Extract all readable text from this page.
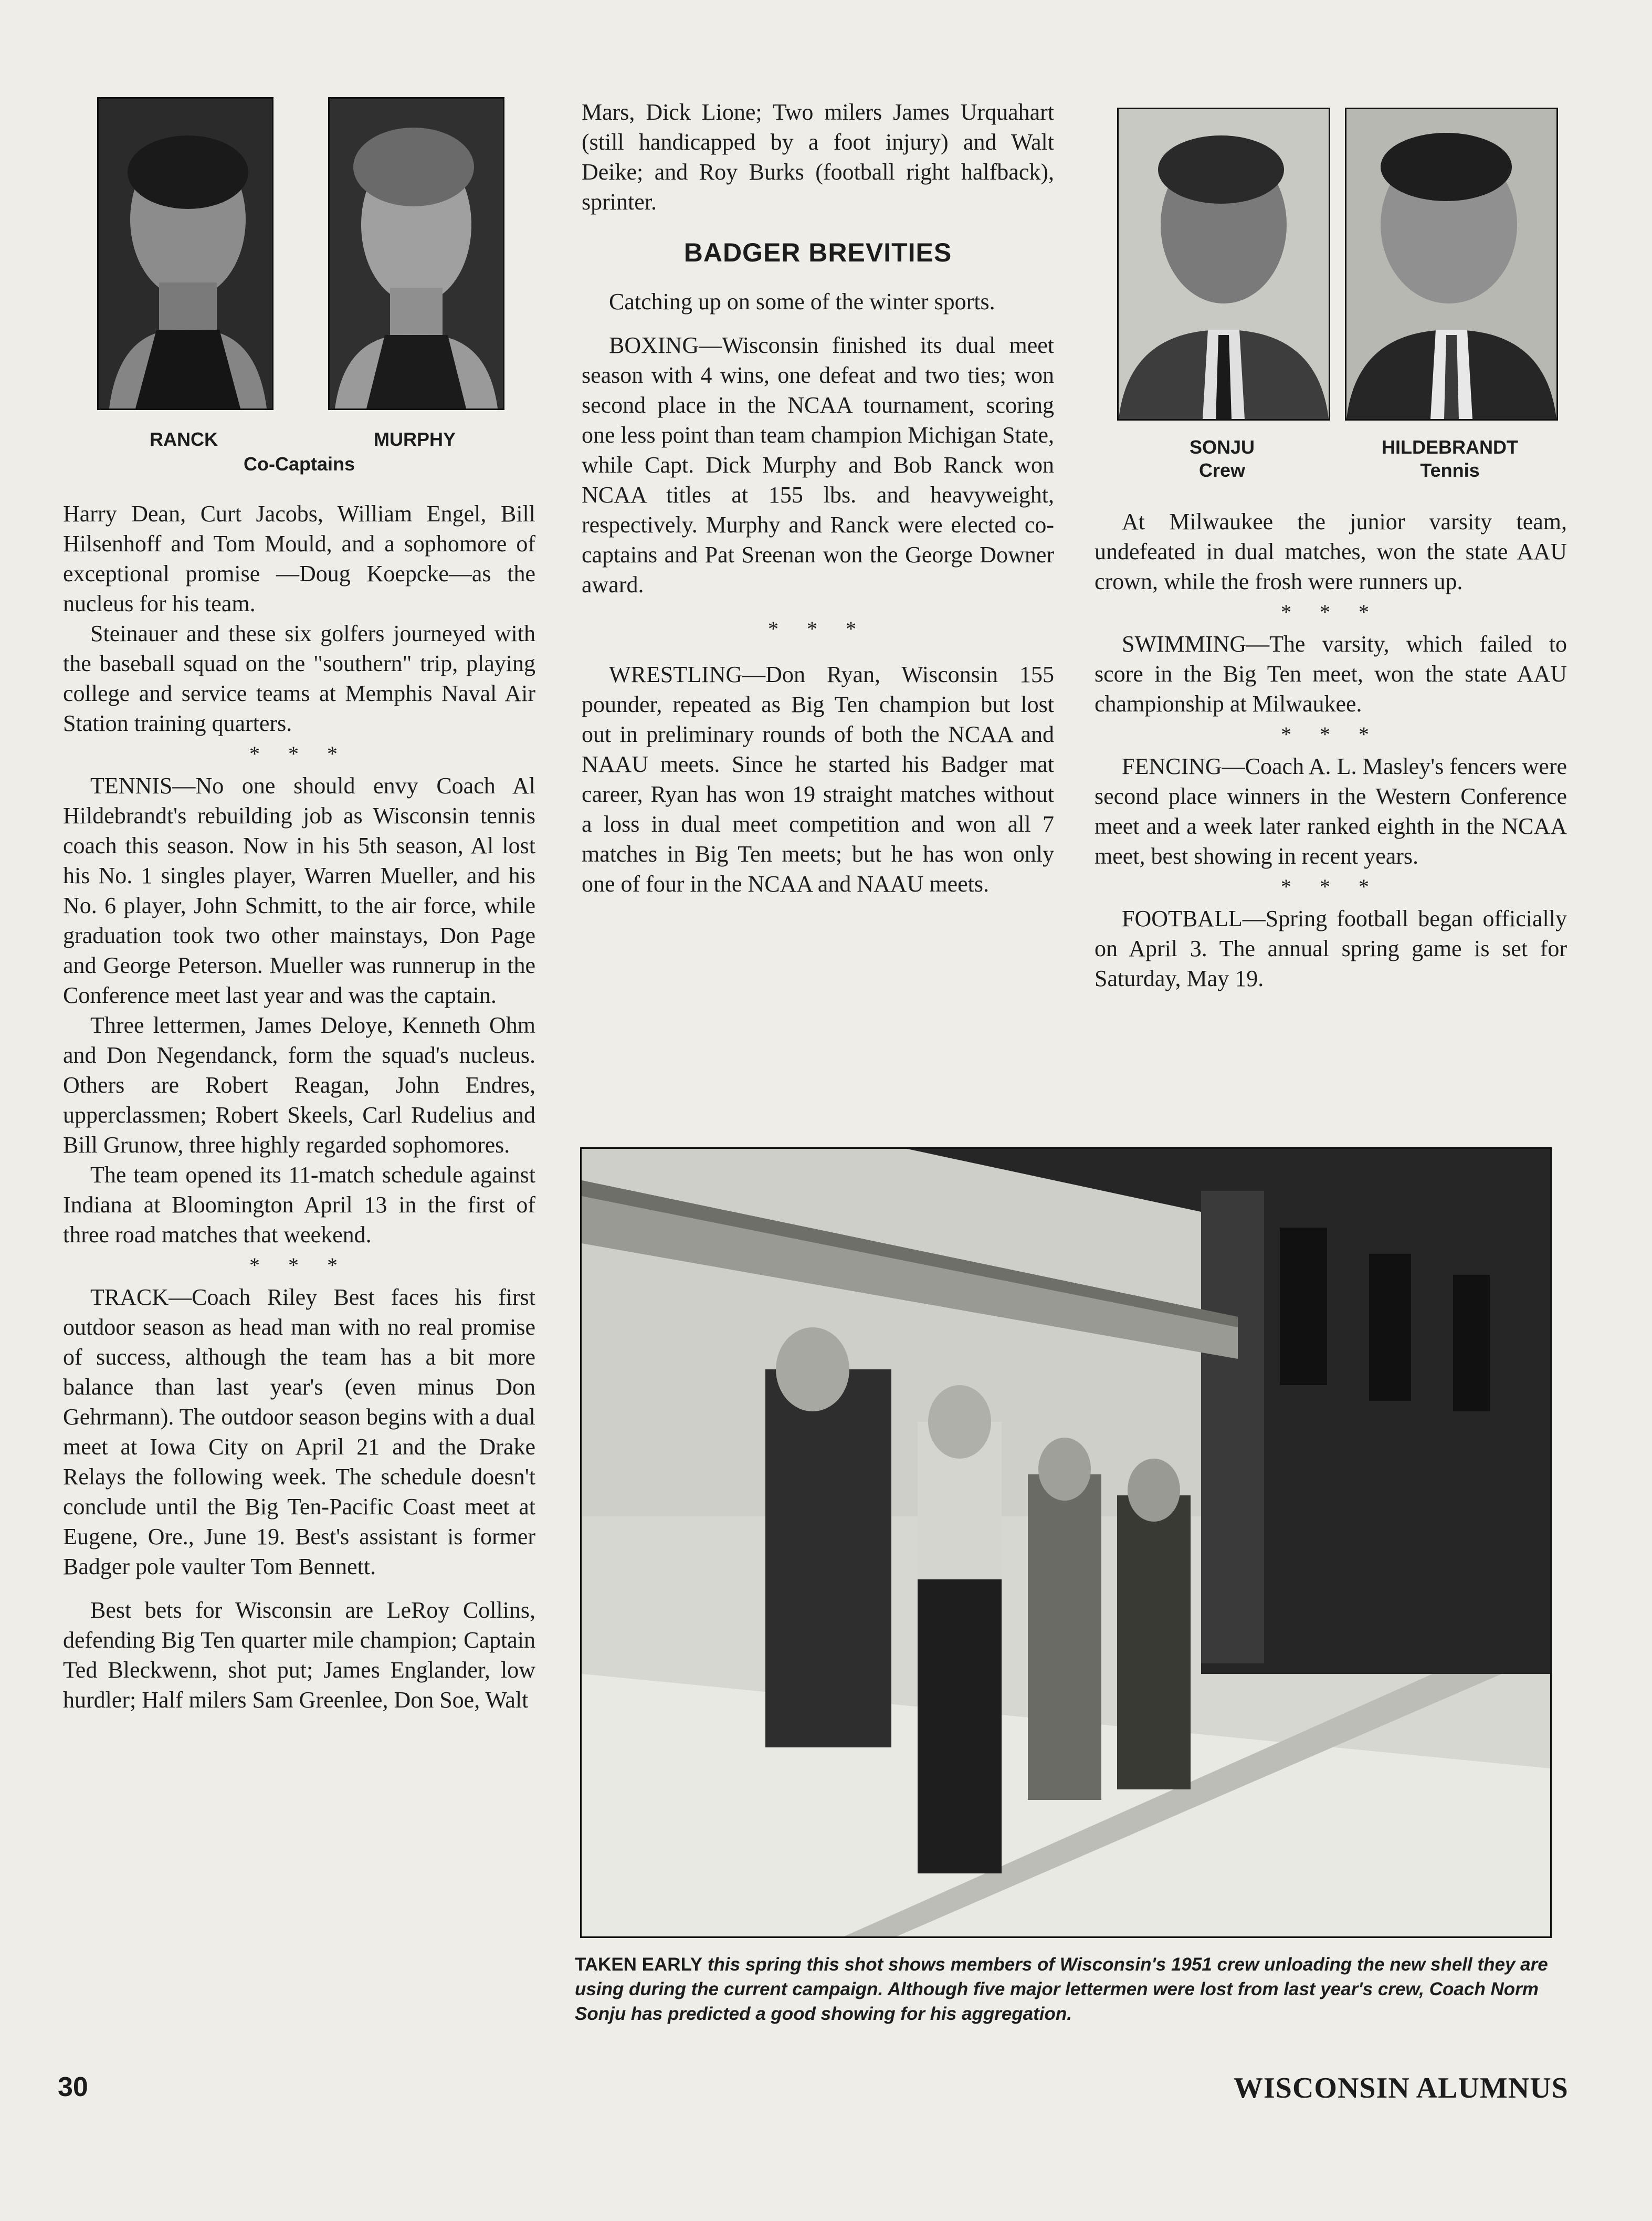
RANCK	MURPHY
Co-Captains
SONJU
Crew
HILDEBRANDT
Tennis

Harry Dean, Curt Jacobs, William Engel, Bill Hilsenhoff and Tom Mould, and a sophomore of exceptional promise —Doug Koepcke—as the nucleus for his team.

Steinauer and these six golfers journeyed with the baseball squad on the "southern" trip, playing college and service teams at Memphis Naval Air Station training quarters.

* * *

TENNIS—No one should envy Coach Al Hildebrandt's rebuilding job as Wisconsin tennis coach this season. Now in his 5th season, Al lost his No. 1 singles player, Warren Mueller, and his No. 6 player, John Schmitt, to the air force, while graduation took two other mainstays, Don Page and George Peterson. Mueller was runnerup in the Conference meet last year and was the captain.

Three lettermen, James Deloye, Kenneth Ohm and Don Negendanck, form the squad's nucleus. Others are Robert Reagan, John Endres, upperclassmen; Robert Skeels, Carl Rudelius and Bill Grunow, three highly regarded sophomores.

The team opened its 11-match schedule against Indiana at Bloomington April 13 in the first of three road matches that weekend.

* * *

TRACK—Coach Riley Best faces his first outdoor season as head man with no real promise of success, although the team has a bit more balance than last year's (even minus Don Gehrmann). The outdoor season begins with a dual meet at Iowa City on April 21 and the Drake Relays the following week. The schedule doesn't conclude until the Big Ten-Pacific Coast meet at Eugene, Ore., June 19. Best's assistant is former Badger pole vaulter Tom Bennett.

Best bets for Wisconsin are LeRoy Collins, defending Big Ten quarter mile champion; Captain Ted Bleckwenn, shot put; James Englander, low hurdler; Half milers Sam Greenlee, Don Soe, Walt

Mars, Dick Lione; Two milers James Urquahart (still handicapped by a foot injury) and Walt Deike; and Roy Burks (football right halfback), sprinter.

BADGER BREVITIES

Catching up on some of the winter sports.

BOXING—Wisconsin finished its dual meet season with 4 wins, one defeat and two ties; won second place in the NCAA tournament, scoring one less point than team champion Michigan State, while Capt. Dick Murphy and Bob Ranck won NCAA titles at 155 lbs. and heavyweight, respectively. Murphy and Ranck were elected co-captains and Pat Sreenan won the George Downer award.

* * *

WRESTLING—Don Ryan, Wisconsin 155 pounder, repeated as Big Ten champion but lost out in preliminary rounds of both the NCAA and NAAU meets. Since he started his Badger mat career, Ryan has won 19 straight matches without a loss in dual meet competition and won all 7 matches in Big Ten meets; but he has won only one of four in the NCAA and NAAU meets.

At Milwaukee the junior varsity team, undefeated in dual matches, won the state AAU crown, while the frosh were runners up.

* * *

SWIMMING—The varsity, which failed to score in the Big Ten meet, won the state AAU championship at Milwaukee.

* * *

FENCING—Coach A. L. Masley's fencers were second place winners in the Western Conference meet and a week later ranked eighth in the NCAA meet, best showing in recent years.

* * *

FOOTBALL—Spring football began officially on April 3. The annual spring game is set for Saturday, May 19.

TAKEN EARLY this spring this shot shows members of Wisconsin's 1951 crew unloading the new shell they are using during the current campaign. Although five major lettermen were lost from last year's crew, Coach Norm Sonju has predicted a good showing for his aggregation.
30	WISCONSIN ALUMNUS
